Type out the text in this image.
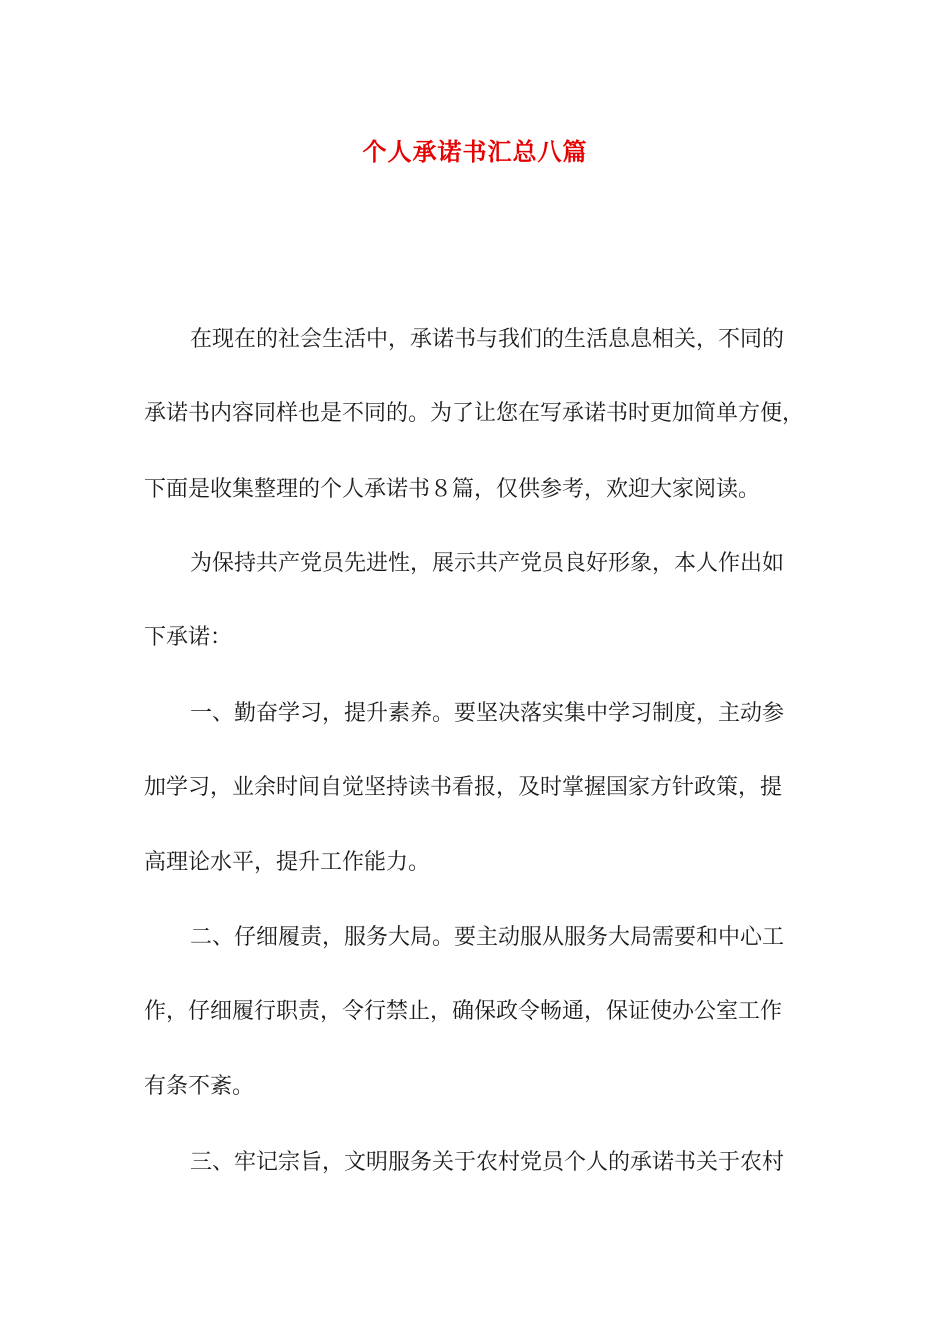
个人承诺书汇总八篇
在现在的社会生活中，承诺书与我们的生活息息相关，不同的
承诺书内容同样也是不同的。为了让您在写承诺书时更加简单方便，
下面是收集整理的个人承诺书８篇，仅供参考，欢迎大家阅读。
为保持共产党员先进性，展示共产党员良好形象，本人作出如
下承诺：
一、勤奋学习，提升素养。要坚决落实集中学习制度，主动参
加学习，业余时间自觉坚持读书看报，及时掌握国家方针政策，提
高理论水平，提升工作能力。
二、仔细履责，服务大局。要主动服从服务大局需要和中心工
作，仔细履行职责，令行禁止，确保政令畅通，保证使办公室工作
有条不紊。
三、牢记宗旨，文明服务关于农村党员个人的承诺书关于农村
